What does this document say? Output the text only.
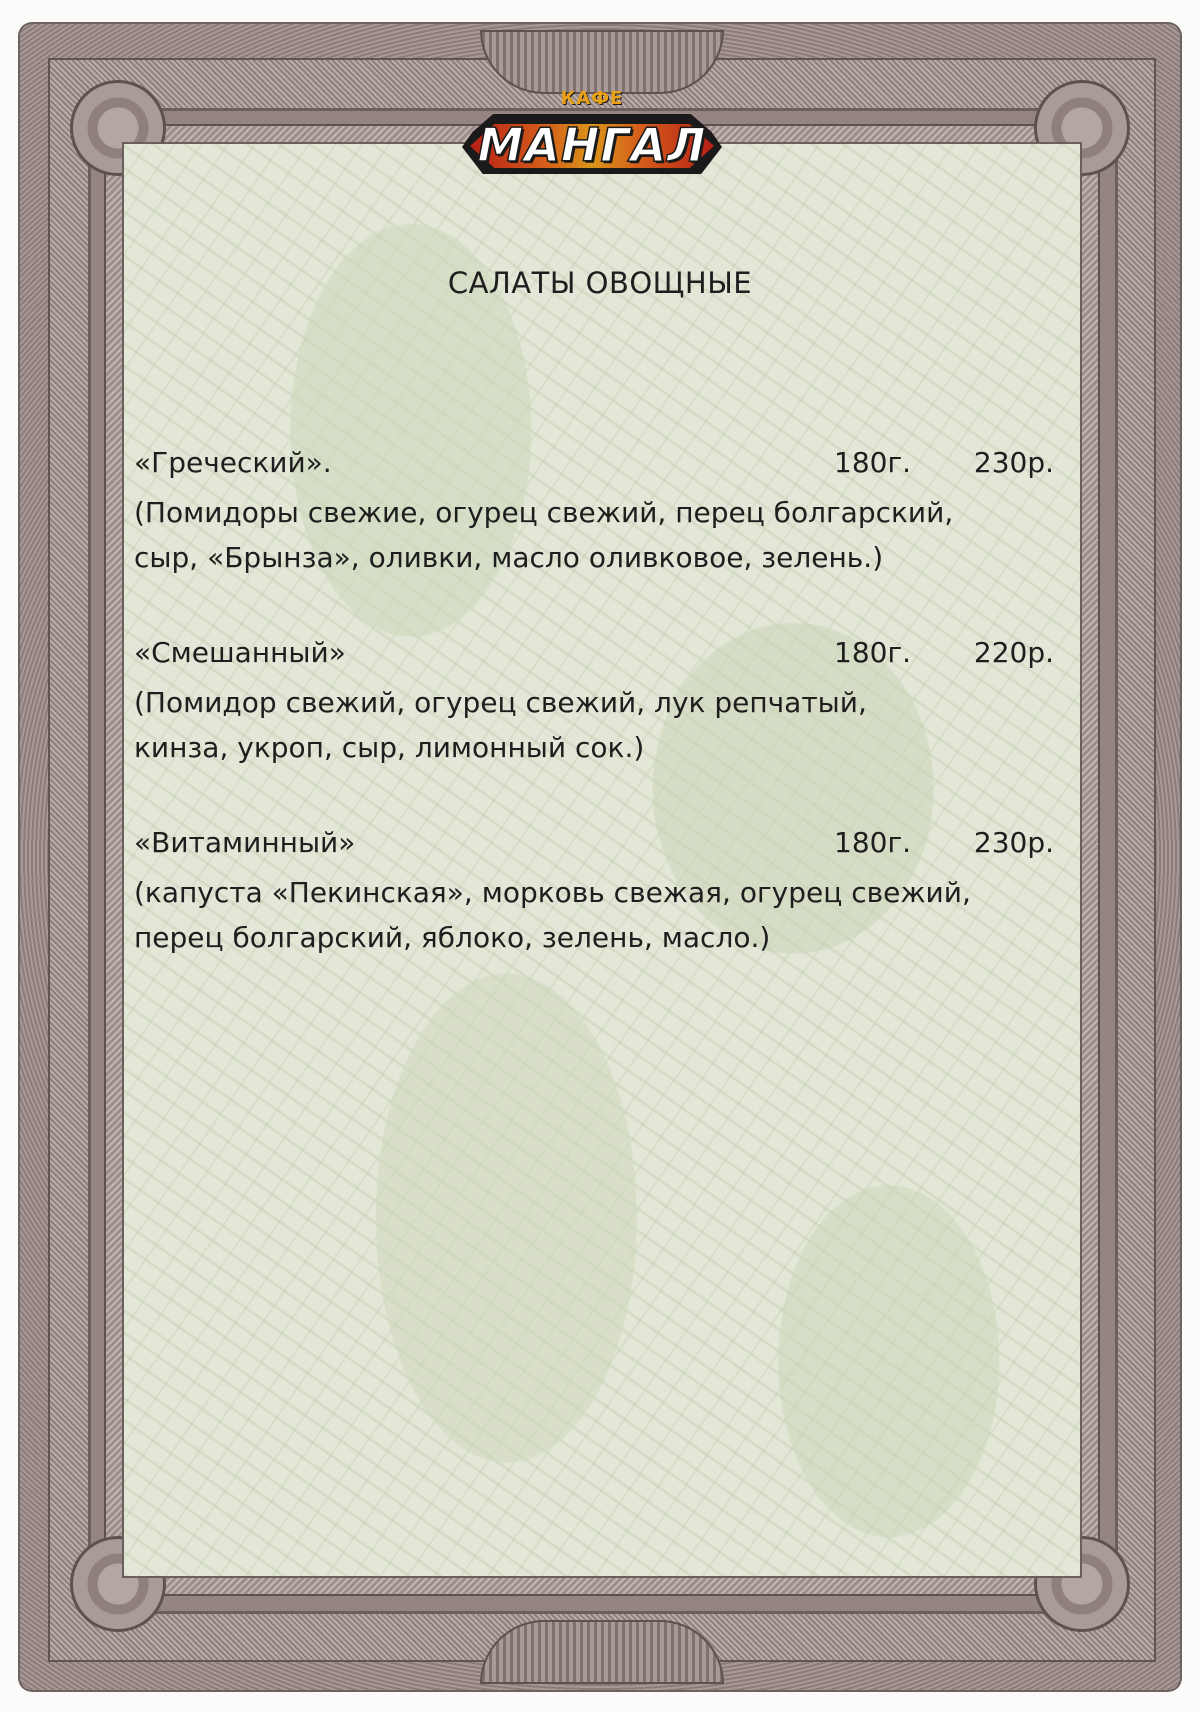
КАФЕ
МАНГАЛ
САЛАТЫ ОВОЩНЫЕ
«Греческий».	180г. 230р.
(Помидоры свежие, огурец свежий, перец болгарский,
сыр, «Брынза», оливки, масло оливковое, зелень.)
«Смешанный»	180г. 220р.
(Помидор свежий, огурец свежий, лук репчатый,
кинза, укроп, сыр, лимонный сок.)
«Витаминный»	180г. 230р.
(капуста «Пекинская», морковь свежая, огурец свежий,
перец болгарский, яблоко, зелень, масло.)
